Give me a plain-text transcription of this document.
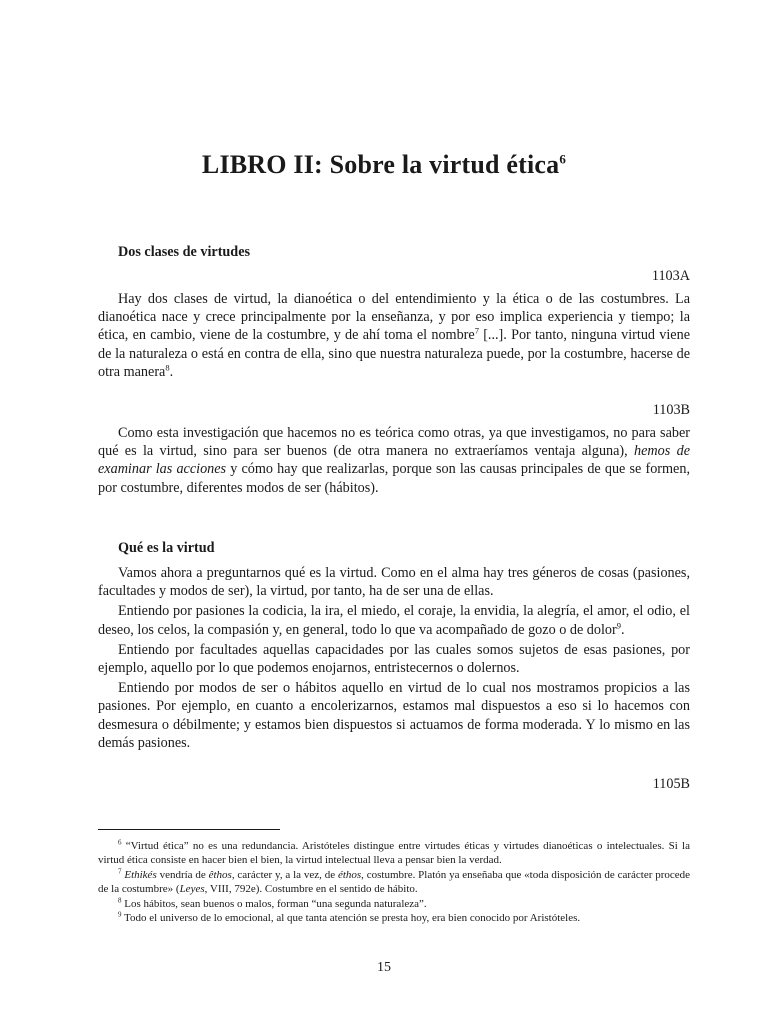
LIBRO II: Sobre la virtud ética$^6$
Dos clases de virtudes
1103A

Hay dos clases de virtud, la dianoética o del entendimiento y la ética o de las costumbres. La dianoética nace y crece principalmente por la enseñanza, y por eso implica experiencia y tiempo; la ética, en cambio, viene de la costumbre, y de ahí toma el nombre$^7$ [...]. Por tanto, ninguna virtud viene de la naturaleza o está en contra de ella, sino que nuestra naturaleza puede, por la costumbre, hacerse de otra manera$^8$.

1103B

Como esta investigación que hacemos no es teórica como otras, ya que investigamos, no para saber qué es la virtud, sino para ser buenos (de otra manera no extraeríamos ventaja alguna), hemos de examinar las acciones y cómo hay que realizarlas, porque son las causas principales de que se formen, por costumbre, diferentes modos de ser (hábitos).

Qué es la virtud

Vamos ahora a preguntarnos qué es la virtud. Como en el alma hay tres géneros de cosas (pasiones, facultades y modos de ser), la virtud, por tanto, ha de ser una de ellas.

Entiendo por pasiones la codicia, la ira, el miedo, el coraje, la envidia, la alegría, el amor, el odio, el deseo, los celos, la compasión y, en general, todo lo que va acompañado de gozo o de dolor$^9$.

Entiendo por facultades aquellas capacidades por las cuales somos sujetos de esas pasiones, por ejemplo, aquello por lo que podemos enojarnos, entristecernos o dolernos.

Entiendo por modos de ser o hábitos aquello en virtud de lo cual nos mostramos propicios a las pasiones. Por ejemplo, en cuanto a encolerizarnos, estamos mal dispuestos a eso si lo hacemos con desmesura o débilmente; y estamos bien dispuestos si actuamos de forma moderada. Y lo mismo en las demás pasiones.

1105B

$^6$ “Virtud ética” no es una redundancia. Aristóteles distingue entre virtudes éticas y virtudes dianoéticas o intelectuales. Si la virtud ética consiste en hacer bien el bien, la virtud intelectual lleva a pensar bien la verdad.

$^7$ Ethikés vendría de êthos, carácter y, a la vez, de éthos, costumbre. Platón ya enseñaba que «toda disposición de carácter procede de la costumbre» (Leyes, VIII, 792e). Costumbre en el sentido de hábito.

$^8$ Los hábitos, sean buenos o malos, forman “una segunda naturaleza”.

$^9$ Todo el universo de lo emocional, al que tanta atención se presta hoy, era bien conocido por Aristóteles.

15
